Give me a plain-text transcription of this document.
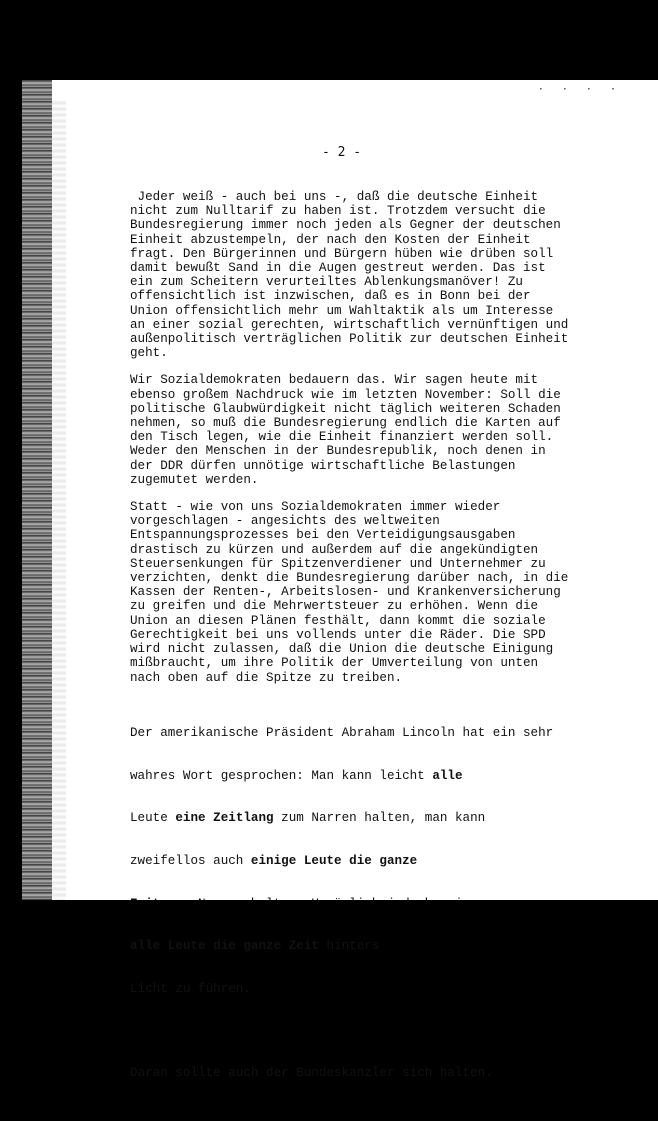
· · · ·
- 2 -
Jeder weiß - auch bei uns -, daß die deutsche Einheit
nicht zum Nulltarif zu haben ist. Trotzdem versucht die
Bundesregierung immer noch jeden als Gegner der deutschen
Einheit abzustempeln, der nach den Kosten der Einheit
fragt. Den Bürgerinnen und Bürgern hüben wie drüben soll
damit bewußt Sand in die Augen gestreut werden. Das ist
ein zum Scheitern verurteiltes Ablenkungsmanöver! Zu
offensichtlich ist inzwischen, daß es in Bonn bei der
Union offensichtlich mehr um Wahltaktik als um Interesse
an einer sozial gerechten, wirtschaftlich vernünftigen und
außenpolitisch verträglichen Politik zur deutschen Einheit
geht.
Wir Sozialdemokraten bedauern das. Wir sagen heute mit
ebenso großem Nachdruck wie im letzten November: Soll die
politische Glaubwürdigkeit nicht täglich weiteren Schaden
nehmen, so muß die Bundesregierung endlich die Karten auf
den Tisch legen, wie die Einheit finanziert werden soll.
Weder den Menschen in der Bundesrepublik, noch denen in
der DDR dürfen unnötige wirtschaftliche Belastungen
zugemutet werden.
Statt - wie von uns Sozialdemokraten immer wieder
vorgeschlagen - angesichts des weltweiten
Entspannungsprozesses bei den Verteidigungsausgaben
drastisch zu kürzen und außerdem auf die angekündigten
Steuersenkungen für Spitzenverdiener und Unternehmer zu
verzichten, denkt die Bundesregierung darüber nach, in die
Kassen der Renten-, Arbeitslosen- und Krankenversicherung
zu greifen und die Mehrwertsteuer zu erhöhen. Wenn die
Union an diesen Plänen festhält, dann kommt die soziale
Gerechtigkeit bei uns vollends unter die Räder. Die SPD
wird nicht zulassen, daß die Union die deutsche Einigung
mißbraucht, um ihre Politik der Umverteilung von unten
nach oben auf die Spitze zu treiben.

Der amerikanische Präsident Abraham Lincoln hat ein sehr

wahres Wort gesprochen: Man kann leicht alle

Leute eine Zeitlang zum Narren halten, man kann

zweifellos auch einige Leute die ganze

alle Leute die ganze Zeit hinters

Licht zu führen.

Daran sollte auch der Bundeskanzler sich halten.
